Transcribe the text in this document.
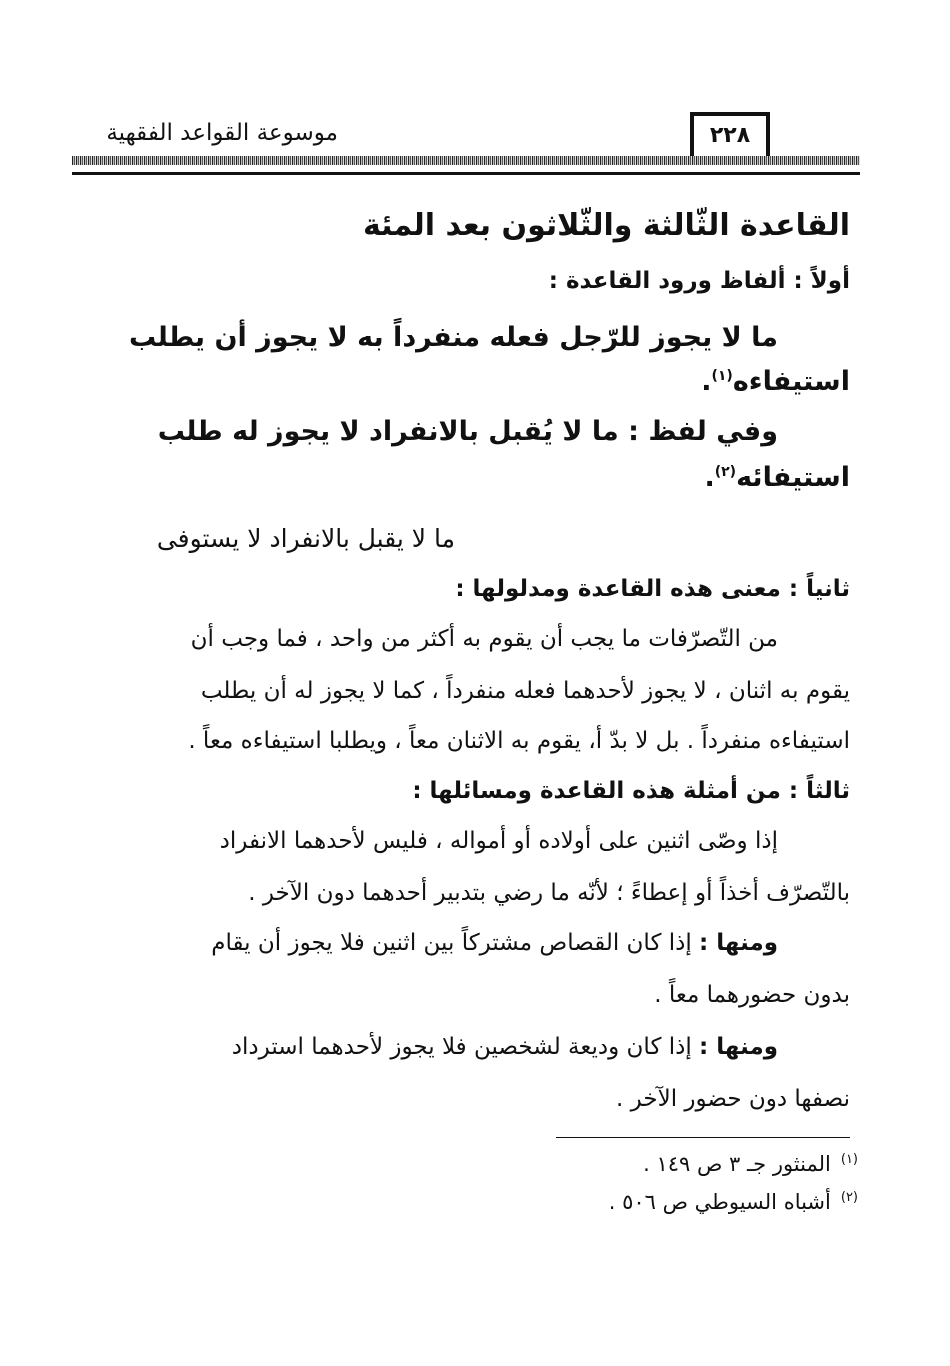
موسوعة القواعد الفقهية	٢٢٨
القاعدة الثّالثة والثّلاثون بعد المئة
أولاً : ألفاظ ورود القاعدة :
ما لا يجوز للرّجل فعله منفرداً به لا يجوز أن يطلب
استيفاءه$^{(١)}$.
وفي لفظ : ما لا يُقبل بالانفراد لا يجوز له طلب
استيفائه$^{(٢)}$.
ما لا يقبل بالانفراد لا يستوفى
ثانياً : معنى هذه القاعدة ومدلولها :
من التّصرّفات ما يجب أن يقوم به أكثر من واحد ، فما وجب أن
يقوم به اثنان ، لا يجوز لأحدهما فعله منفرداً ، كما لا يجوز له أن يطلب
استيفاءه منفرداً . بل لا بدّ أ، يقوم به الاثنان معاً ، ويطلبا استيفاءه معاً .
ثالثاً : من أمثلة هذه القاعدة ومسائلها :
إذا وصّى اثنين على أولاده أو أمواله ، فليس لأحدهما الانفراد
بالتّصرّف أخذاً أو إعطاءً ؛ لأنّه ما رضي بتدبير أحدهما دون الآخر .
ومنها : إذا كان القصاص مشتركاً بين اثنين فلا يجوز أن يقام
بدون حضورهما معاً .
ومنها : إذا كان وديعة لشخصين فلا يجوز لأحدهما استرداد
نصفها دون حضور الآخر .
$^{(١)}$المنثور جـ ٣ ص ١٤٩ .
$^{(٢)}$أشباه السيوطي ص ٥٠٦ .
